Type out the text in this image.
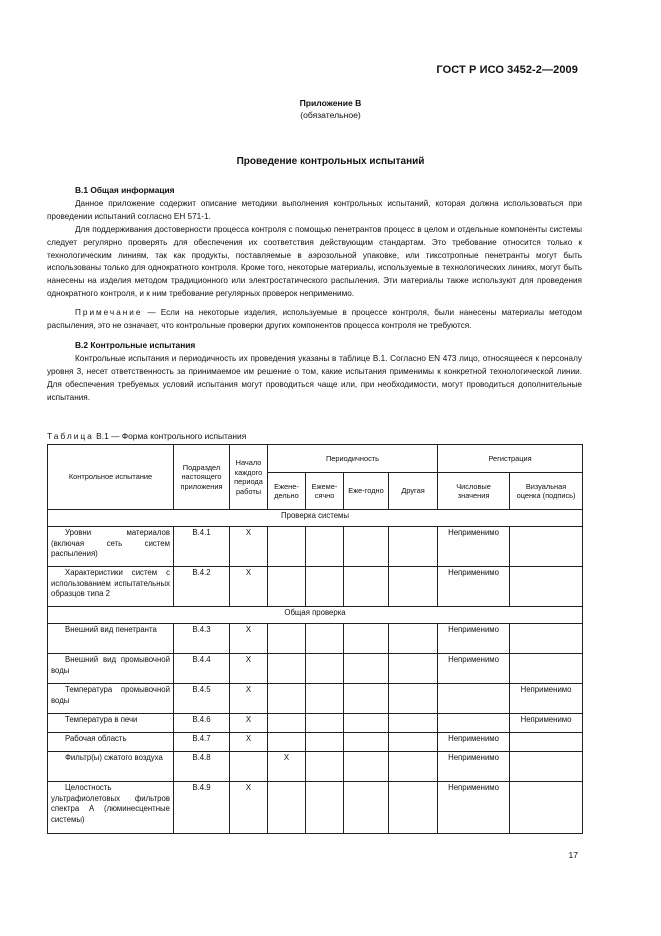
ГОСТ Р ИСО 3452-2—2009
Приложение В
(обязательное)
Проведение контрольных испытаний
В.1 Общая информация

Данное приложение содержит описание методики выполнения контрольных испытаний, которая должна использоваться при проведении испытаний согласно ЕН 571-1.

Для поддерживания достоверности процесса контроля с помощью пенетрантов процесс в целом и отдельные компоненты системы следует регулярно проверять для обеспечения их соответствия действующим стандартам. Это требование относится только к технологическим линиям, так как продукты, поставляемые в аэрозольной упаковке, или тиксотропные пенетранты могут быть использованы только для однократного контроля. Кроме того, некоторые материалы, используемые в технологических линиях, могут быть нанесены на изделия методом традиционного или электростатического распыления. Эти материалы также используют для проведения однократного контроля, и к ним требование регулярных проверок неприменимо.

Примечание — Если на некоторые изделия, используемые в процессе контроля, были нанесены материалы методом распыления, это не означает, что контрольные проверки других компонентов процесса контроля не требуются.

В.2 Контрольные испытания

Контрольные испытания и периодичность их проведения указаны в таблице В.1. Согласно EN 473 лицо, относящееся к персоналу уровня 3, несет ответственность за принимаемое им решение о том, какие испытания применимы к конкретной технологической линии. Для обеспечения требуемых условий испытания могут проводиться чаще или, при необходимости, могут проводиться дополнительные испытания.

Таблица В.1 — Форма контрольного испытания
Контрольное испытание	Подраздел настоящего приложения	Начало каждого периода работы	Периодичность				Регистрация	
			Ежене-дельно	Ежеме-сячно	Еже-годно	Другая	Числовые значения	Визуальная оценка (подпись)
Проверка системы								
Уровни материалов (включая сеть систем распыления)	В.4.1	X					Неприменимо	
Характеристики систем с использованием испытательных образцов типа 2	В.4.2	X					Неприменимо	
Общая проверка								
Внешний вид пенетранта	В.4.3	X					Неприменимо	
Внешний вид промывочной воды	В.4.4	X					Неприменимо	
Температура промывочной воды	В.4.5	X						Неприменимо
Температура в печи	В.4.6	X						Неприменимо
Рабочая область	В.4.7	X					Неприменимо	
Фильтр(ы) сжатого воздуха	В.4.8		X				Неприменимо	
Целостность ультрафиолетовых фильтров спектра А (люминесцентные системы)	В.4.9	X					Неприменимо	
17
